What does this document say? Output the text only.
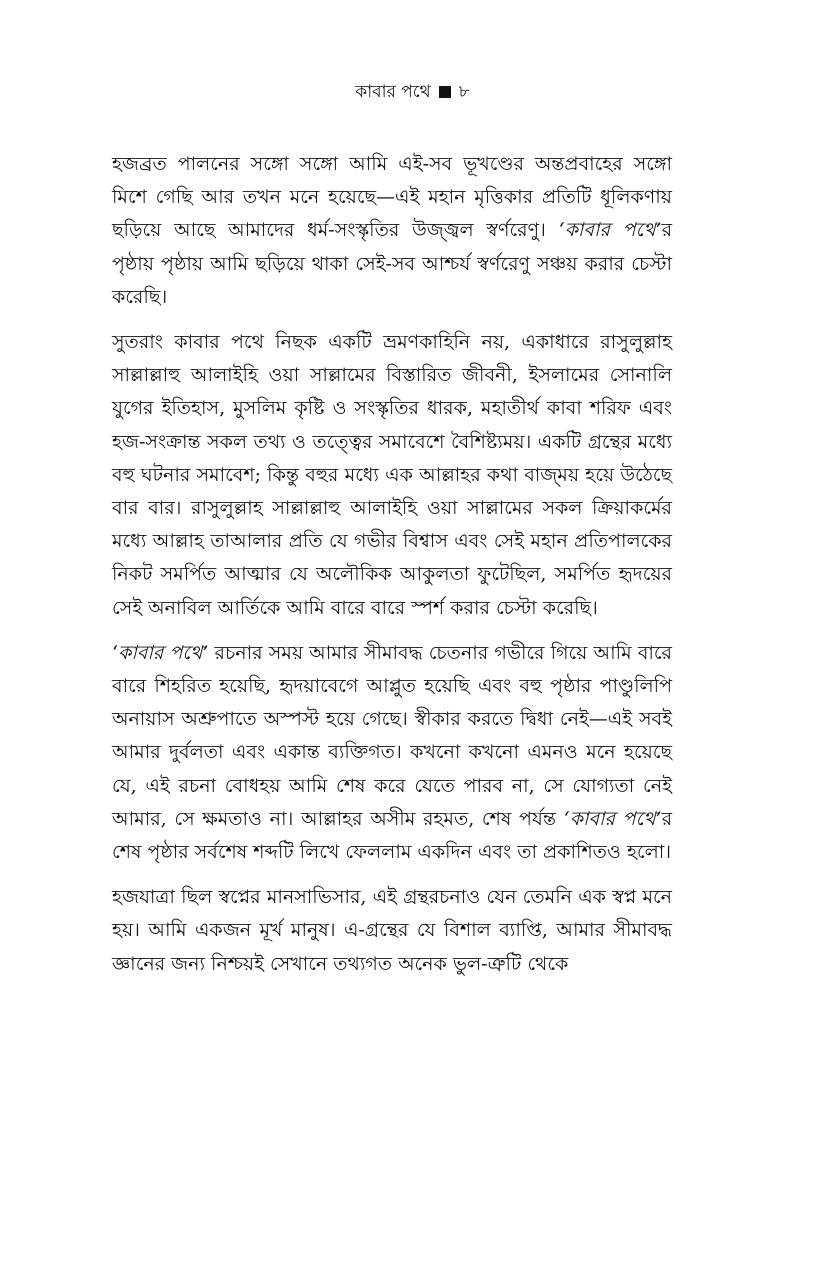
কাবার পথে ৮

হজব্রত পালনের সঙ্গো সঙ্গো আমি এই-সব ভূখণ্ডের অন্তপ্রবাহের সঙ্গো মিশে গেছি আর তখন মনে হয়েছে—এই মহান মৃত্তিকার প্রতিটি ধূলিকণায় ছড়িয়ে আছে আমাদের ধর্ম-সংস্কৃতির উজ্জ্বল স্বর্ণরেণু। ‘কাবার পথে’র পৃষ্ঠায় পৃষ্ঠায় আমি ছড়িয়ে থাকা সেই-সব আশ্চর্য স্বর্ণরেণু সঞ্চয় করার চেস্টা করেছি।

সুতরাং কাবার পথে নিছক একটি ভ্রমণকাহিনি নয়, একাধারে রাসুলুল্লাহ সাল্লাল্লাহু আলাইহি ওয়া সাল্লামের বিস্তারিত জীবনী, ইসলামের সোনালি যুগের ইতিহাস, মুসলিম কৃষ্টি ও সংস্কৃতির ধারক, মহাতীর্থ কাবা শরিফ এবং হজ-সংক্রান্ত সকল তথ্য ও তত্ত্বের সমাবেশে বৈশিষ্ট্যময়। একটি গ্রন্থের মধ্যে বহু ঘটনার সমাবেশ; কিন্তু বহুর মধ্যে এক আল্লাহর কথা বাজ্ময় হয়ে উঠেছে বার বার। রাসুলুল্লাহ সাল্লাল্লাহু আলাইহি ওয়া সাল্লামের সকল ক্রিয়াকর্মের মধ্যে আল্লাহ তাআলার প্রতি যে গভীর বিশ্বাস এবং সেই মহান প্রতিপালকের নিকট সমর্পিত আত্মার যে অলৌকিক আকুলতা ফুটেছিল, সমর্পিত হৃদয়ের সেই অনাবিল আর্তিকে আমি বারে বারে স্পর্শ করার চেস্টা করেছি।

‘কাবার পথে’ রচনার সময় আমার সীমাবদ্ধ চেতনার গভীরে গিয়ে আমি বারে বারে শিহরিত হয়েছি, হৃদয়াবেগে আপ্লুত হয়েছি এবং বহু পৃষ্ঠার পাণ্ডুলিপি অনায়াস অশ্রুপাতে অস্পস্ট হয়ে গেছে। স্বীকার করতে দ্বিধা নেই—এই সবই আমার দুর্বলতা এবং একান্ত ব্যক্তিগত। কখনো কখনো এমনও মনে হয়েছে যে, এই রচনা বোধহয় আমি শেষ করে যেতে পারব না, সে যোগ্যতা নেই আমার, সে ক্ষমতাও না। আল্লাহর অসীম রহমত, শেষ পর্যন্ত ‘কাবার পথে’র শেষ পৃষ্ঠার সর্বশেষ শব্দটি লিখে ফেললাম একদিন এবং তা প্রকাশিতও হলো।

হজযাত্রা ছিল স্বপ্নের মানসাভিসার, এই গ্রন্থরচনাও যেন তেমনি এক স্বপ্ন মনে হয়। আমি একজন মূর্খ মানুষ। এ-গ্রন্থের যে বিশাল ব্যাপ্তি, আমার সীমাবদ্ধ জ্ঞানের জন্য নিশ্চয়ই সেখানে তথ্যগত অনেক ভুল-ত্রুটি থেকে
